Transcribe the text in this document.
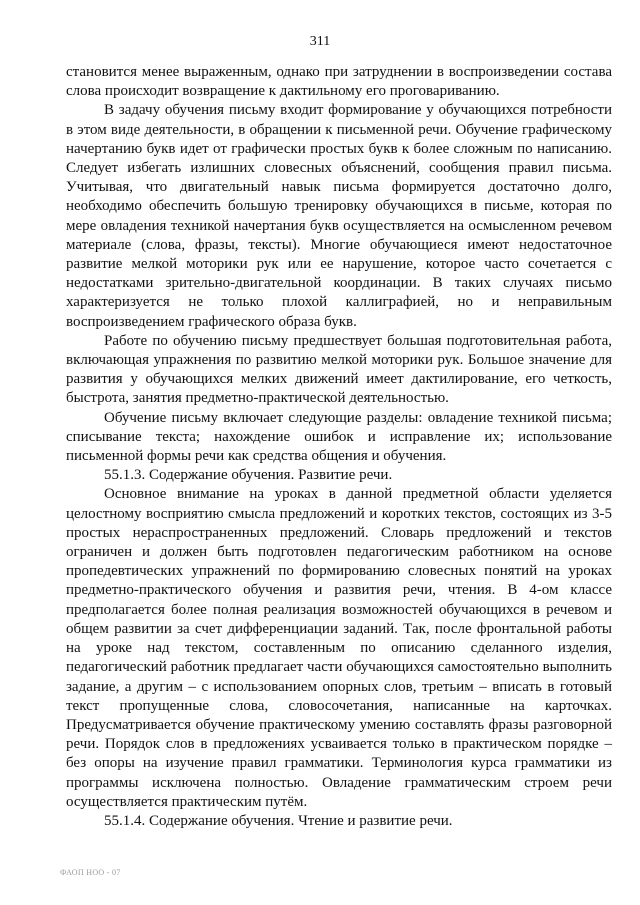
311

становится менее выраженным, однако при затруднении в воспроизведении состава слова происходит возвращение к дактильному его проговариванию.

В задачу обучения письму входит формирование у обучающихся потребности в этом виде деятельности, в обращении к письменной речи. Обучение графическому начертанию букв идет от графически простых букв к более сложным по написанию. Следует избегать излишних словесных объяснений, сообщения правил письма. Учитывая, что двигательный навык письма формируется достаточно долго, необходимо обеспечить большую тренировку обучающихся в письме, которая по мере овладения техникой начертания букв осуществляется на осмысленном речевом материале (слова, фразы, тексты). Многие обучающиеся имеют недостаточное развитие мелкой моторики рук или ее нарушение, которое часто сочетается с недостатками зрительно-двигательной координации. В таких случаях письмо характеризуется не только плохой каллиграфией, но и неправильным воспроизведением графического образа букв.

Работе по обучению письму предшествует большая подготовительная работа, включающая упражнения по развитию мелкой моторики рук. Большое значение для развития у обучающихся мелких движений имеет дактилирование, его четкость, быстрота, занятия предметно-практической деятельностью.

Обучение письму включает следующие разделы: овладение техникой письма; списывание текста; нахождение ошибок и исправление их; использование письменной формы речи как средства общения и обучения.

55.1.3. Содержание обучения. Развитие речи.

Основное внимание на уроках в данной предметной области уделяется целостному восприятию смысла предложений и коротких текстов, состоящих из 3-5 простых нераспространенных предложений. Словарь предложений и текстов ограничен и должен быть подготовлен педагогическим работником на основе пропедевтических упражнений по формированию словесных понятий на уроках предметно-практического обучения и развития речи, чтения. В 4-ом классе предполагается более полная реализация возможностей обучающихся в речевом и общем развитии за счет дифференциации заданий. Так, после фронтальной работы на уроке над текстом, составленным по описанию сделанного изделия, педагогический работник предлагает части обучающихся самостоятельно выполнить задание, а другим – с использованием опорных слов, третьим – вписать в готовый текст пропущенные слова, словосочетания, написанные на карточках. Предусматривается обучение практическому умению составлять фразы разговорной речи. Порядок слов в предложениях усваивается только в практическом порядке – без опоры на изучение правил грамматики. Терминология курса грамматики из программы исключена полностью. Овладение грамматическим строем речи осуществляется практическим путём.

55.1.4. Содержание обучения. Чтение и развитие речи.

ФАОП НОО - 07
